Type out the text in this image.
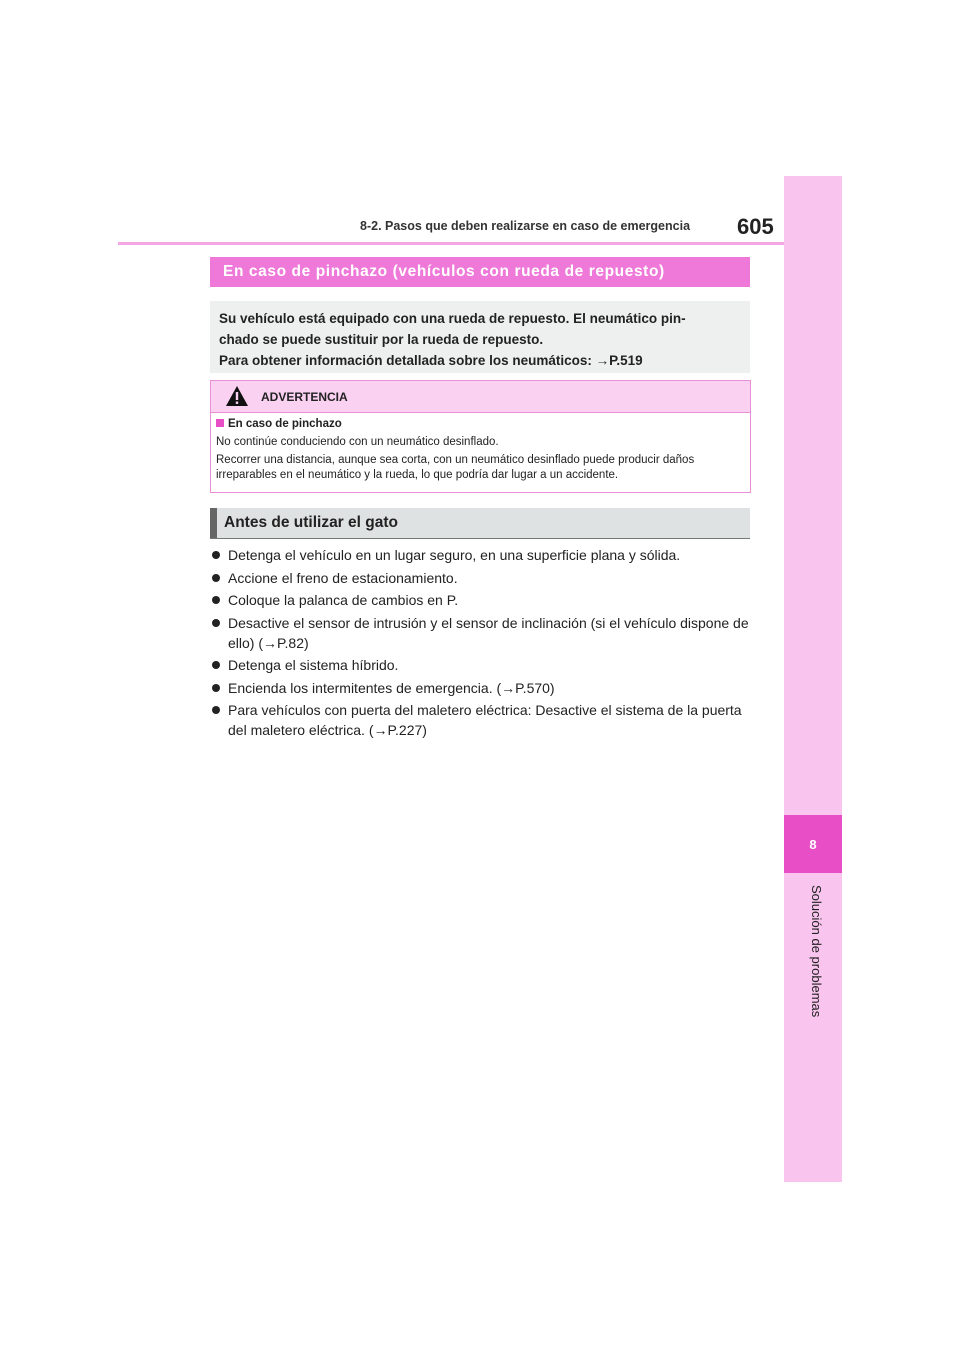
8
Solución de problemas
8-2. Pasos que deben realizarse en caso de emergencia 605
En caso de pinchazo (vehículos con rueda de repuesto)

Su vehículo está equipado con una rueda de repuesto. El neumático pin-

chado se puede sustituir por la rueda de repuesto.

Para obtener información detallada sobre los neumáticos: →P.519

ADVERTENCIA

En caso de pinchazo

No continúe conduciendo con un neumático desinflado.

Recorrer una distancia, aunque sea corta, con un neumático desinflado puede producir daños irreparables en el neumático y la rueda, lo que podría dar lugar a un accidente.

Antes de utilizar el gato
Detenga el vehículo en un lugar seguro, en una superficie plana y sólida.
Accione el freno de estacionamiento.
Coloque la palanca de cambios en P.
Desactive el sensor de intrusión y el sensor de inclinación (si el vehículo dispone de ello) (→P.82)
Detenga el sistema híbrido.
Encienda los intermitentes de emergencia. (→P.570)
Para vehículos con puerta del maletero eléctrica: Desactive el sistema de la puerta del maletero eléctrica. (→P.227)
